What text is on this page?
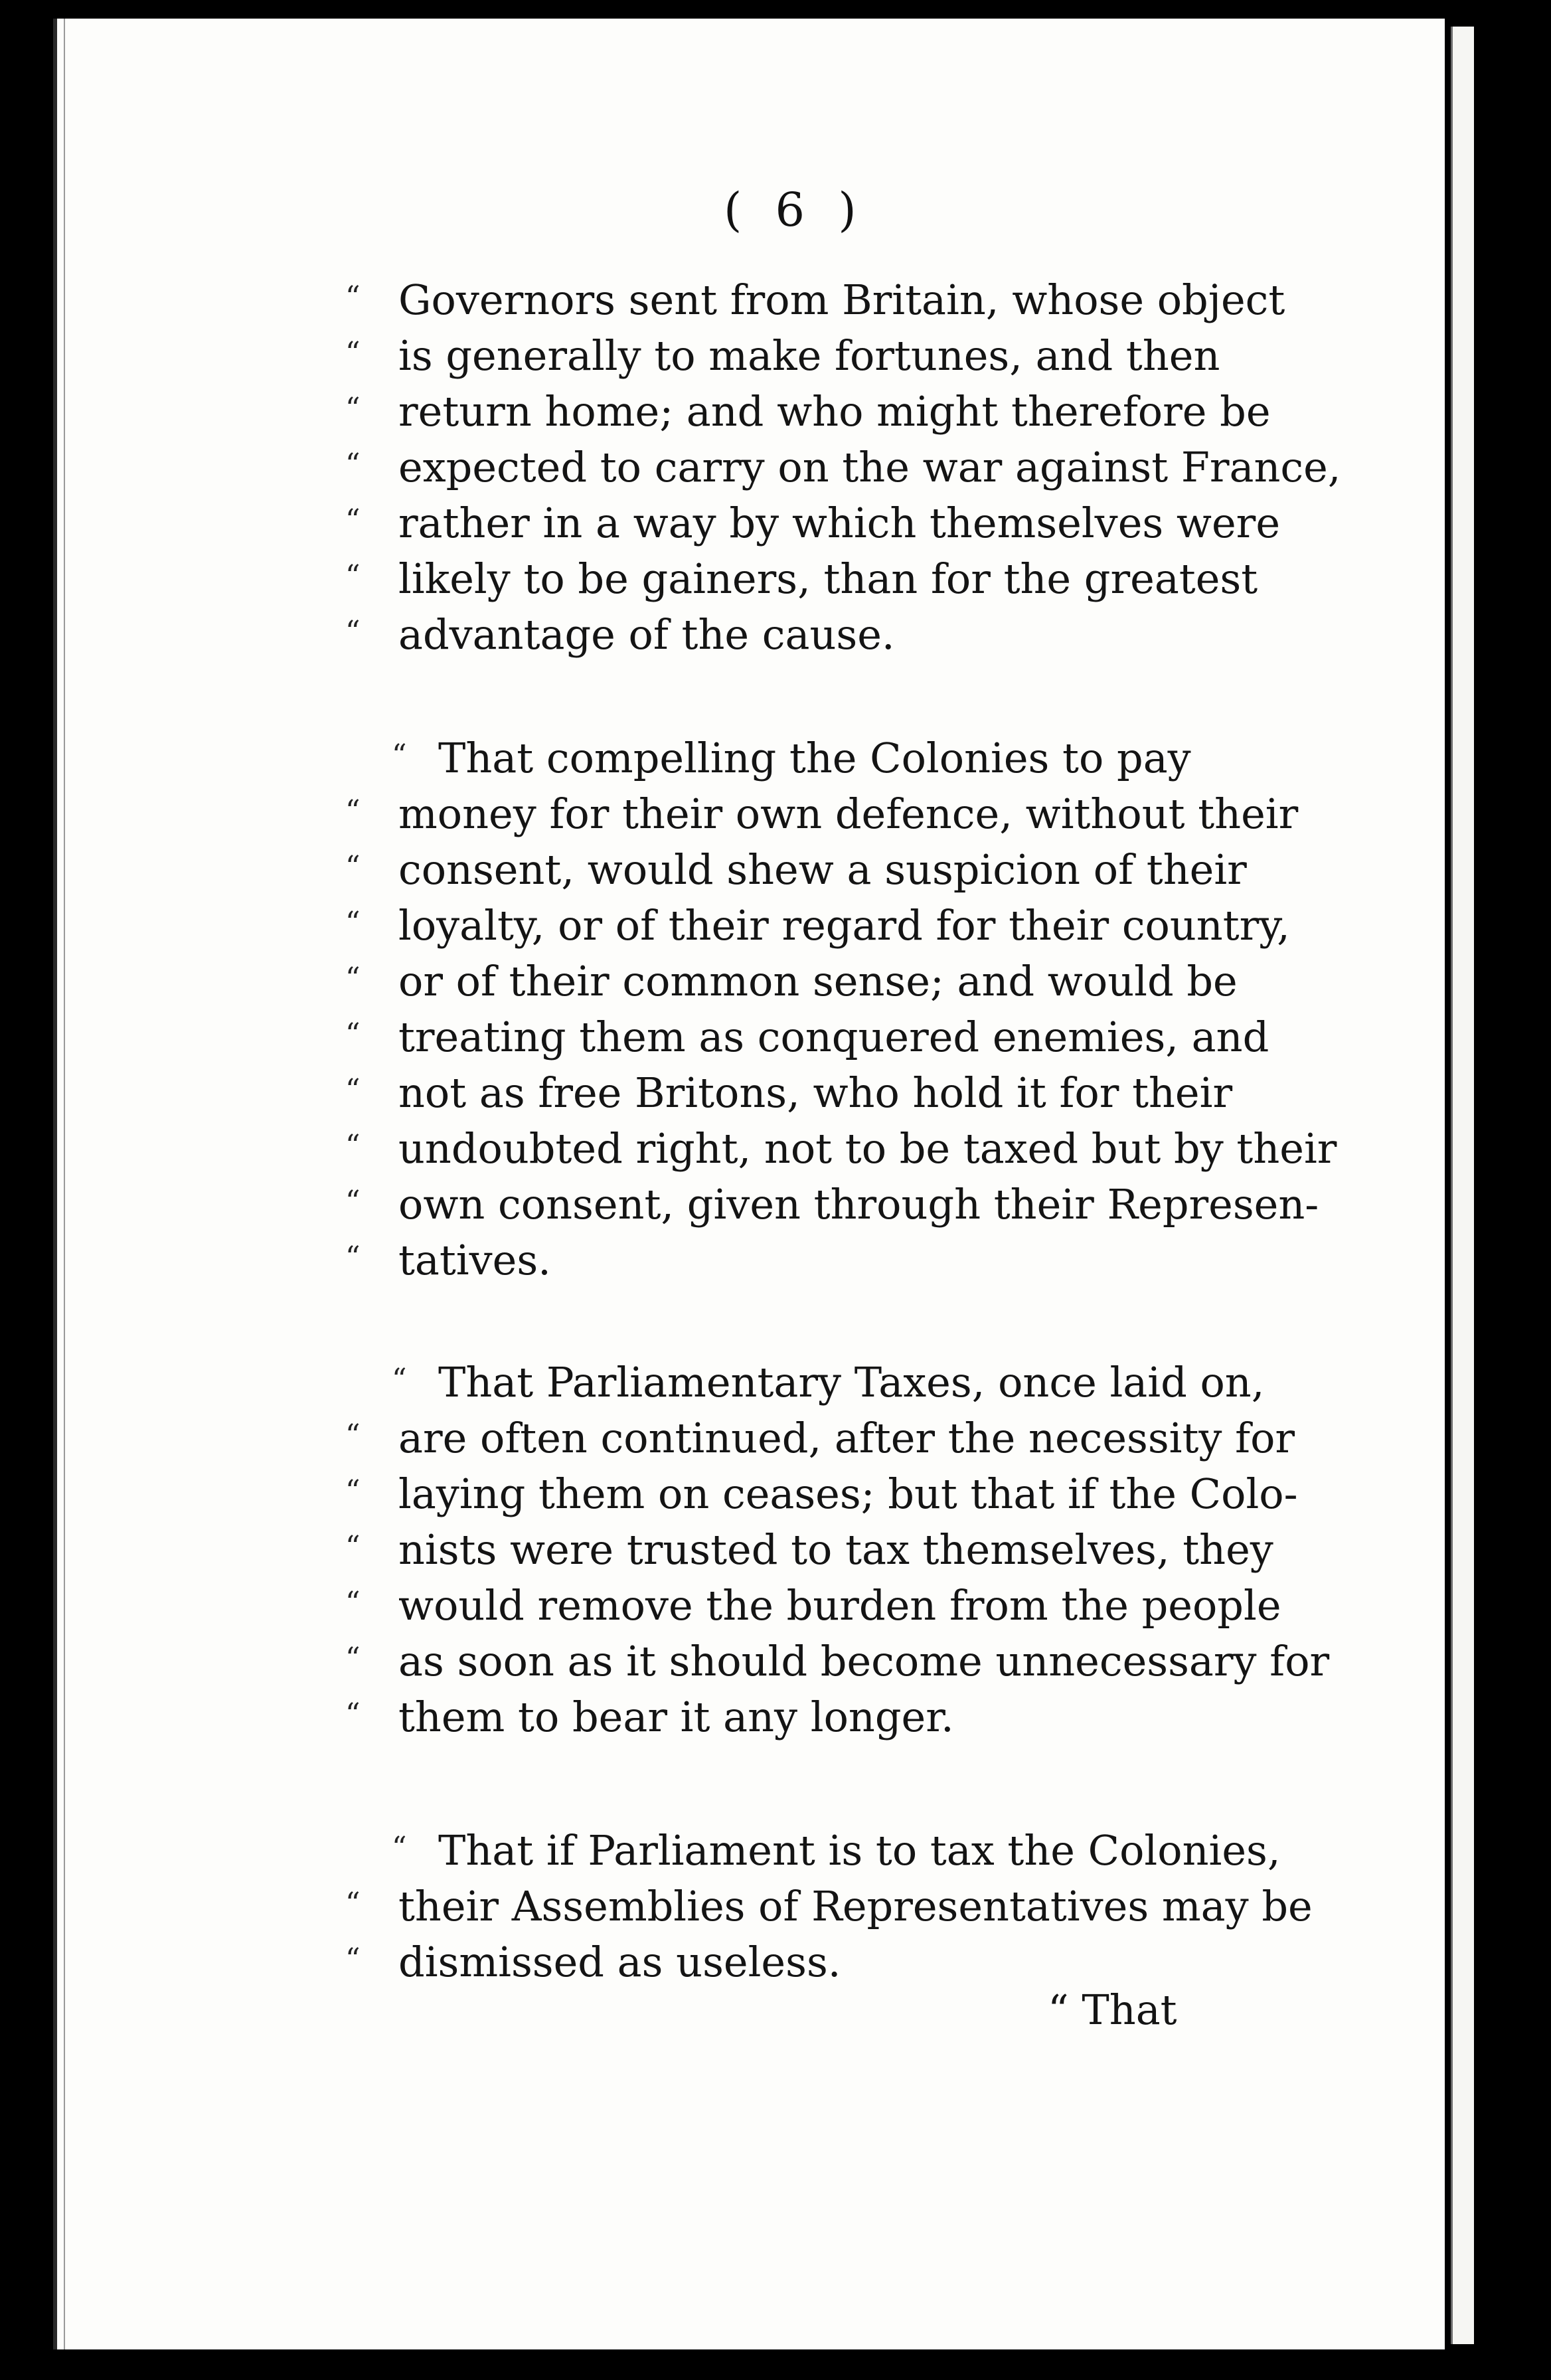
( 6 )
“ Governors sent from Britain, whose object
“ is generally to make fortunes, and then
“ return home; and who might therefore be
“ expected to carry on the war against France,
“ rather in a way by which themselves were
“ likely to be gainers, than for the greatest
“ advantage of the cause.
“ That compelling the Colonies to pay
“ money for their own defence, without their
“ consent, would shew a suspicion of their
“ loyalty, or of their regard for their country,
“ or of their common sense; and would be
“ treating them as conquered enemies, and
“ not as free Britons, who hold it for their
“ undoubted right, not to be taxed but by their
“ own consent, given through their Represen-
“ tatives.
“ That Parliamentary Taxes, once laid on,
“ are often continued, after the necessity for
“ laying them on ceases; but that if the Colo-
“ nists were trusted to tax themselves, they
“ would remove the burden from the people
“ as soon as it should become unnecessary for
“ them to bear it any longer.
“ That if Parliament is to tax the Colonies,
“ their Assemblies of Representatives may be
“ dismissed as useless.
“ That
